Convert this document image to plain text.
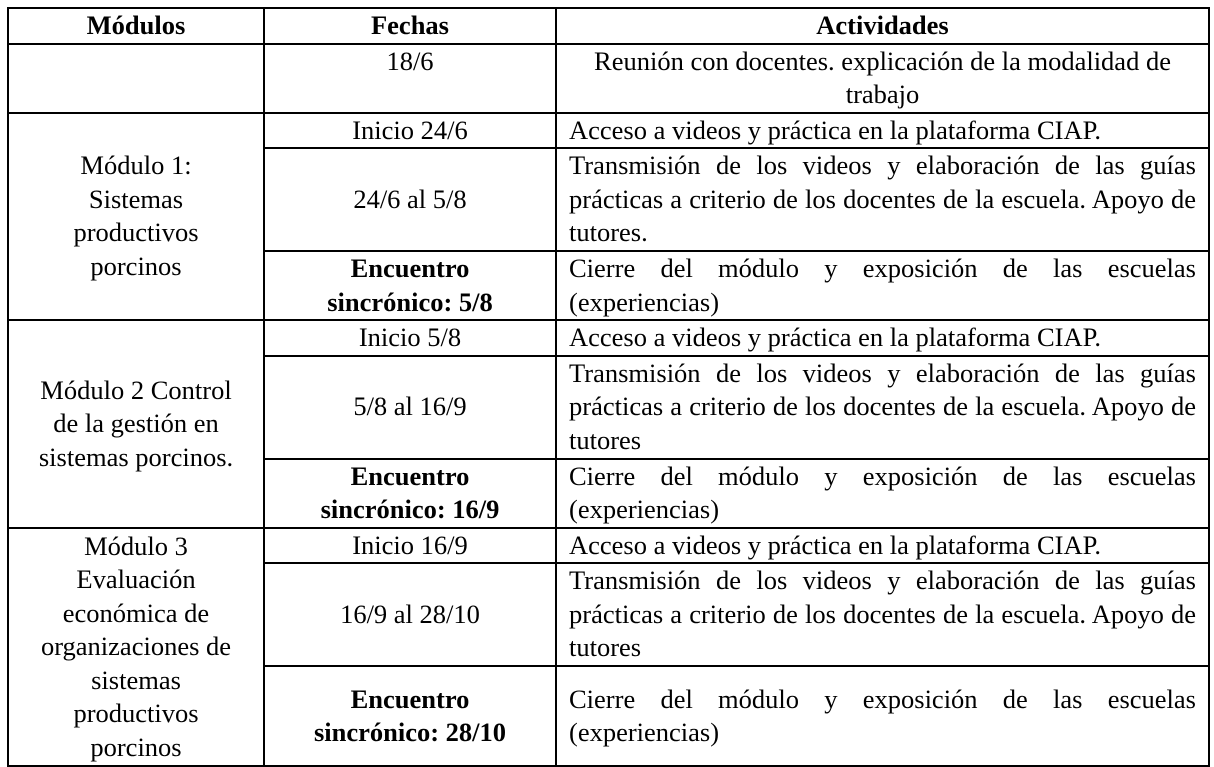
Módulos	Fechas	Actividades
	18/6	Reunión con docentes. explicación de la modalidad de trabajo
Módulo 1: Sistemas productivos porcinos	Inicio 24/6	Acceso a videos y práctica en la plataforma CIAP.
	24/6 al 5/8	Transmisión de los videos y elaboración de las guías prácticas a criterio de los docentes de la escuela. Apoyo de tutores.
	Encuentro sincrónico: 5/8	Cierre del módulo y exposición de las escuelas (experiencias)
Módulo 2 Control de la gestión en sistemas porcinos.	Inicio 5/8	Acceso a videos y práctica en la plataforma CIAP.
	5/8 al 16/9	Transmisión de los videos y elaboración de las guías prácticas a criterio de los docentes de la escuela. Apoyo de tutores
	Encuentro sincrónico: 16/9	Cierre del módulo y exposición de las escuelas (experiencias)
Módulo 3 Evaluación económica de organizaciones de sistemas productivos porcinos	Inicio 16/9	Acceso a videos y práctica en la plataforma CIAP.
	16/9 al 28/10	Transmisión de los videos y elaboración de las guías prácticas a criterio de los docentes de la escuela. Apoyo de tutores
	Encuentro sincrónico: 28/10	Cierre del módulo y exposición de las escuelas (experiencias)
